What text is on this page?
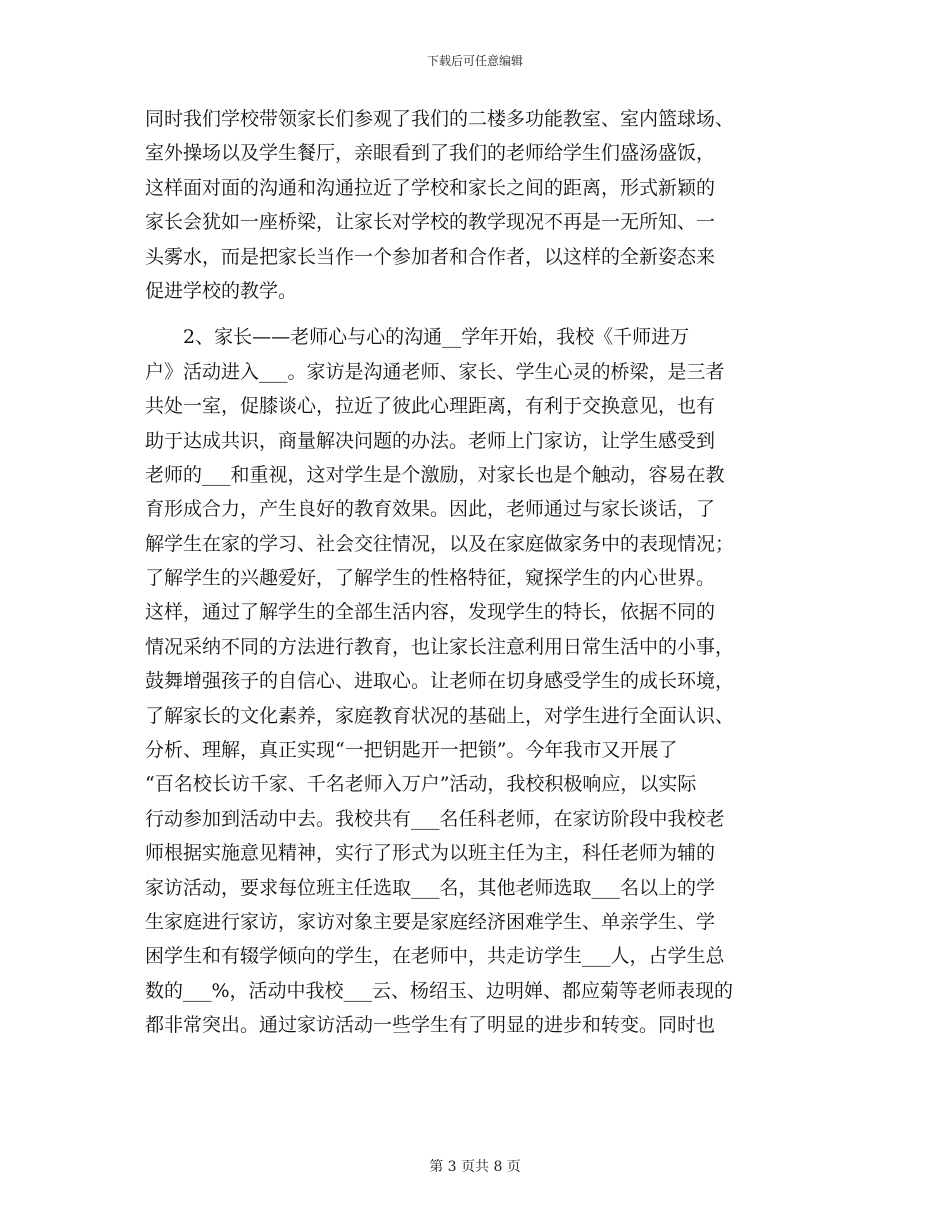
下载后可任意编辑
同时我们学校带领家长们参观了我们的二楼多功能教室、室内篮球场、
室外操场以及学生餐厅，亲眼看到了我们的老师给学生们盛汤盛饭，
这样面对面的沟通和沟通拉近了学校和家长之间的距离，形式新颖的
家长会犹如一座桥梁，让家长对学校的教学现况不再是一无所知、一
头雾水，而是把家长当作一个参加者和合作者，以这样的全新姿态来
促进学校的教学。
　　2、家长——老师心与心的沟通__学年开始，我校《千师进万
户》活动进入___。家访是沟通老师、家长、学生心灵的桥梁，是三者
共处一室，促膝谈心，拉近了彼此心理距离，有利于交换意见，也有
助于达成共识，商量解决问题的办法。老师上门家访，让学生感受到
老师的___和重视，这对学生是个激励，对家长也是个触动，容易在教
育形成合力，产生良好的教育效果。因此，老师通过与家长谈话，了
解学生在家的学习、社会交往情况，以及在家庭做家务中的表现情况；
了解学生的兴趣爱好，了解学生的性格特征，窥探学生的内心世界。
这样，通过了解学生的全部生活内容，发现学生的特长，依据不同的
情况采纳不同的方法进行教育，也让家长注意利用日常生活中的小事，
鼓舞增强孩子的自信心、进取心。让老师在切身感受学生的成长环境，
了解家长的文化素养，家庭教育状况的基础上，对学生进行全面认识、
分析、理解，真正实现“一把钥匙开一把锁”。今年我市又开展了
“百名校长访千家、千名老师入万户”活动，我校积极响应，以实际
行动参加到活动中去。我校共有___名任科老师，在家访阶段中我校老
师根据实施意见精神，实行了形式为以班主任为主，科任老师为辅的
家访活动，要求每位班主任选取___名，其他老师选取___名以上的学
生家庭进行家访，家访对象主要是家庭经济困难学生、单亲学生、学
困学生和有辍学倾向的学生，在老师中，共走访学生___人，占学生总
数的___%，活动中我校___云、杨绍玉、边明婵、都应菊等老师表现的
都非常突出。通过家访活动一些学生有了明显的进步和转变。同时也
第 3 页共 8 页
